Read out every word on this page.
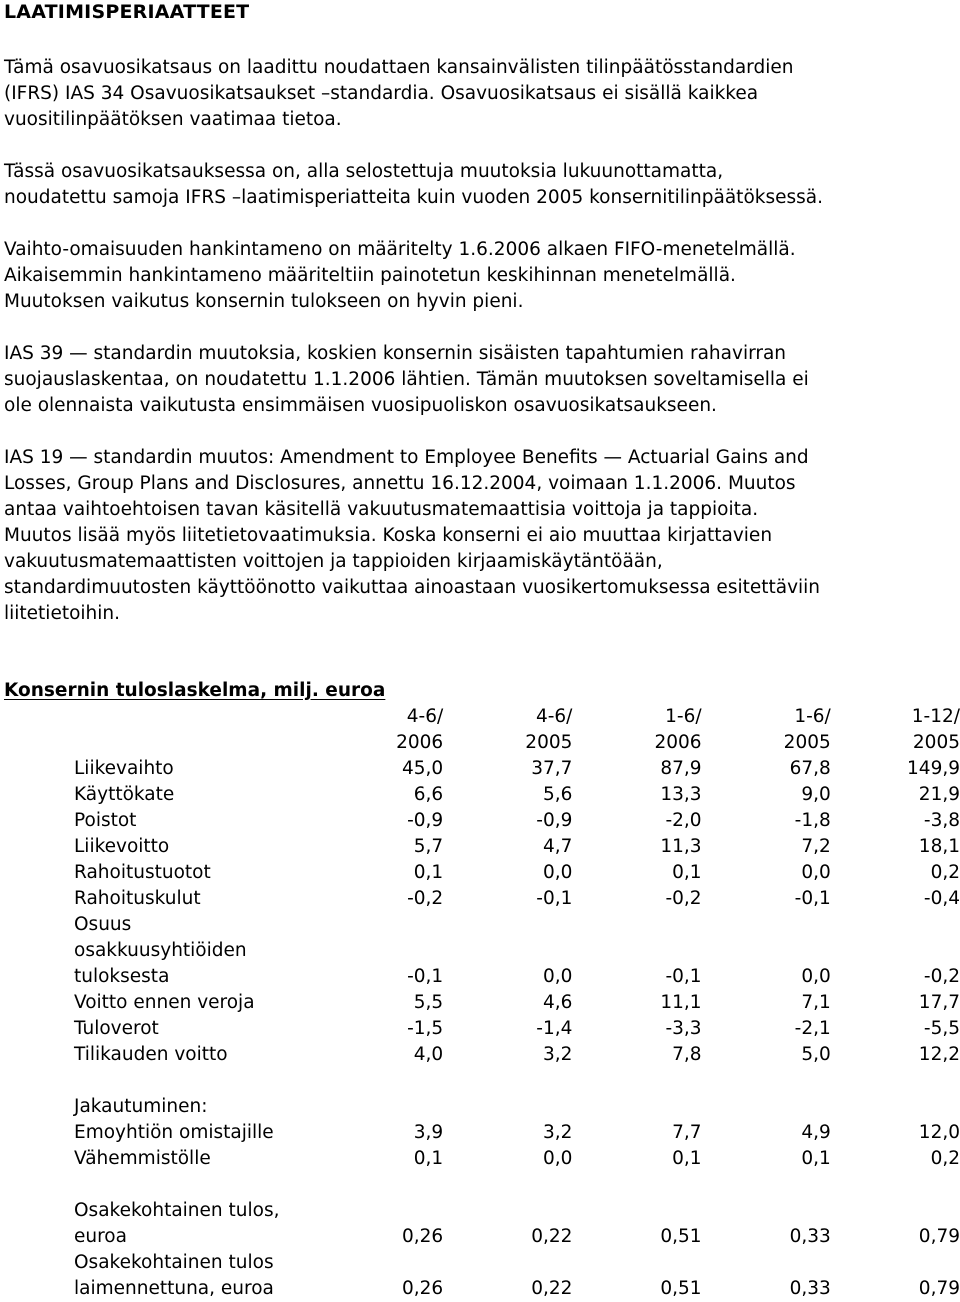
LAATIMISPERIAATTEET
Tämä osavuosikatsaus on laadittu noudattaen kansainvälisten tilinpäätösstandardien
(IFRS) IAS 34 Osavuosikatsaukset –standardia. Osavuosikatsaus ei sisällä kaikkea
vuositilinpäätöksen vaatimaa tietoa.
Tässä osavuosikatsauksessa on, alla selostettuja muutoksia lukuunottamatta,
noudatettu samoja IFRS –laatimisperiatteita kuin vuoden 2005 konsernitilinpäätöksessä.
Vaihto-omaisuuden hankintameno on määritelty 1.6.2006 alkaen FIFO-menetelmällä.
Aikaisemmin hankintameno määriteltiin painotetun keskihinnan menetelmällä.
Muutoksen vaikutus konsernin tulokseen on hyvin pieni.
IAS 39 — standardin muutoksia, koskien konsernin sisäisten tapahtumien rahavirran
suojauslaskentaa, on noudatettu 1.1.2006 lähtien. Tämän muutoksen soveltamisella ei
ole olennaista vaikutusta ensimmäisen vuosipuoliskon osavuosikatsaukseen.
IAS 19 — standardin muutos: Amendment to Employee Benefits — Actuarial Gains and
Losses, Group Plans and Disclosures, annettu 16.12.2004, voimaan 1.1.2006. Muutos
antaa vaihtoehtoisen tavan käsitellä vakuutusmatemaattisia voittoja ja tappioita.
Muutos lisää myös liitetietovaatimuksia. Koska konserni ei aio muuttaa kirjattavien
vakuutusmatemaattisten voittojen ja tappioiden kirjaamiskäytäntöään,
standardimuutosten käyttöönotto vaikuttaa ainoastaan vuosikertomuksessa esitettäviin
liitetietoihin.
Konsernin tuloslaskelma, milj. euroa
	4-6/	4-6/	1-6/	1-6/	1-12/
	2006	2005	2006	2005	2005
Liikevaihto	45,0	37,7	87,9	67,8	149,9
Käyttökate	6,6	5,6	13,3	9,0	21,9
Poistot	-0,9	-0,9	-2,0	-1,8	-3,8
Liikevoitto	5,7	4,7	11,3	7,2	18,1
Rahoitustuotot	0,1	0,0	0,1	0,0	0,2
Rahoituskulut	-0,2	-0,1	-0,2	-0,1	-0,4
Osuus					
osakkuusyhtiöiden					
tuloksesta	-0,1	0,0	-0,1	0,0	-0,2
Voitto ennen veroja	5,5	4,6	11,1	7,1	17,7
Tuloverot	-1,5	-1,4	-3,3	-2,1	-5,5
Tilikauden voitto	4,0	3,2	7,8	5,0	12,2

Jakautuminen:					
Emoyhtiön omistajille	3,9	3,2	7,7	4,9	12,0
Vähemmistölle	0,1	0,0	0,1	0,1	0,2

Osakekohtainen tulos,					
euroa	0,26	0,22	0,51	0,33	0,79
Osakekohtainen tulos					
laimennettuna, euroa	0,26	0,22	0,51	0,33	0,79
